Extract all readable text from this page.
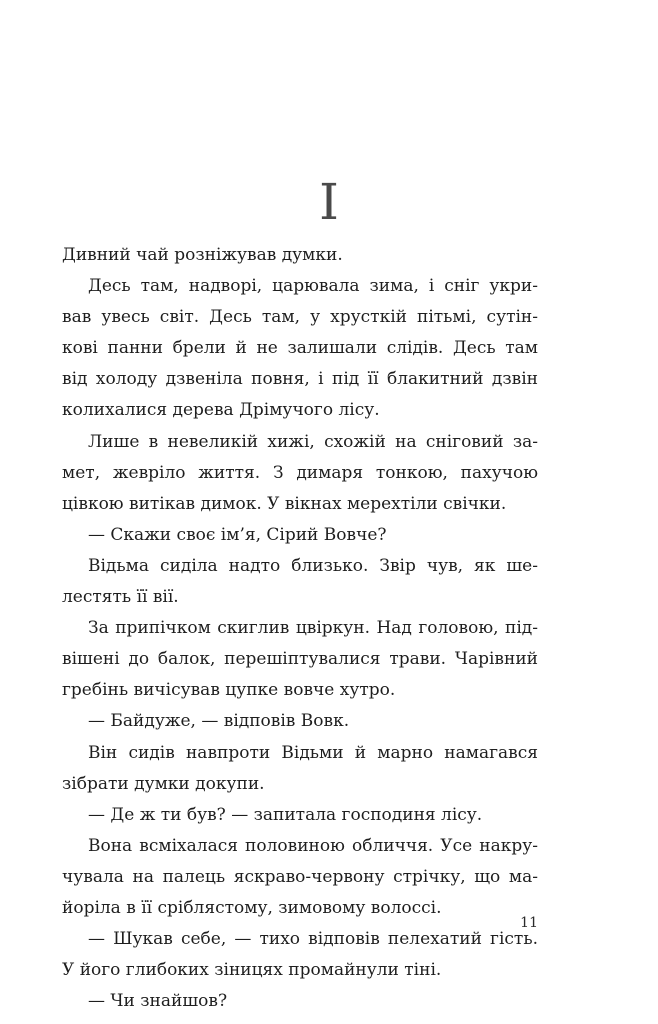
I
Дивний чай розніжував думки.
Десь там, надворі, царювала зима, і сніг укри-
вав увесь світ. Десь там, у хрусткій пітьмі, сутін-
кові панни брели й не залишали слідів. Десь там
від холоду дзвеніла повня, і під її блакитний дзвін
колихалися дерева Дрімучого лісу.
Лише в невеликій хижі, схожій на сніговий за-
мет, жевріло життя. З димаря тонкою, пахучою
цівкою витікав димок. У вікнах мерехтіли свічки.
— Скажи своє ім’я, Сірий Вовче?
Відьма сиділа надто близько. Звір чув, як ше-
лестять її вії.
За припічком скиглив цвіркун. Над головою, під-
вішені до балок, перешіптувалися трави. Чарівний
гребінь вичісував цупке вовче хутро.
— Байдуже, — відповів Вовк.
Він сидів навпроти Відьми й марно намагався
зібрати думки докупи.
— Де ж ти був? — запитала господиня лісу.
Вона всміхалася половиною обличчя. Усе накру-
чувала на палець яскраво-червону стрічку, що ма-
йоріла в її сріблястому, зимовому волоссі.
— Шукав себе, — тихо відповів пелехатий гість.
У його глибоких зіницях промайнули тіні.
— Чи знайшов?
11
